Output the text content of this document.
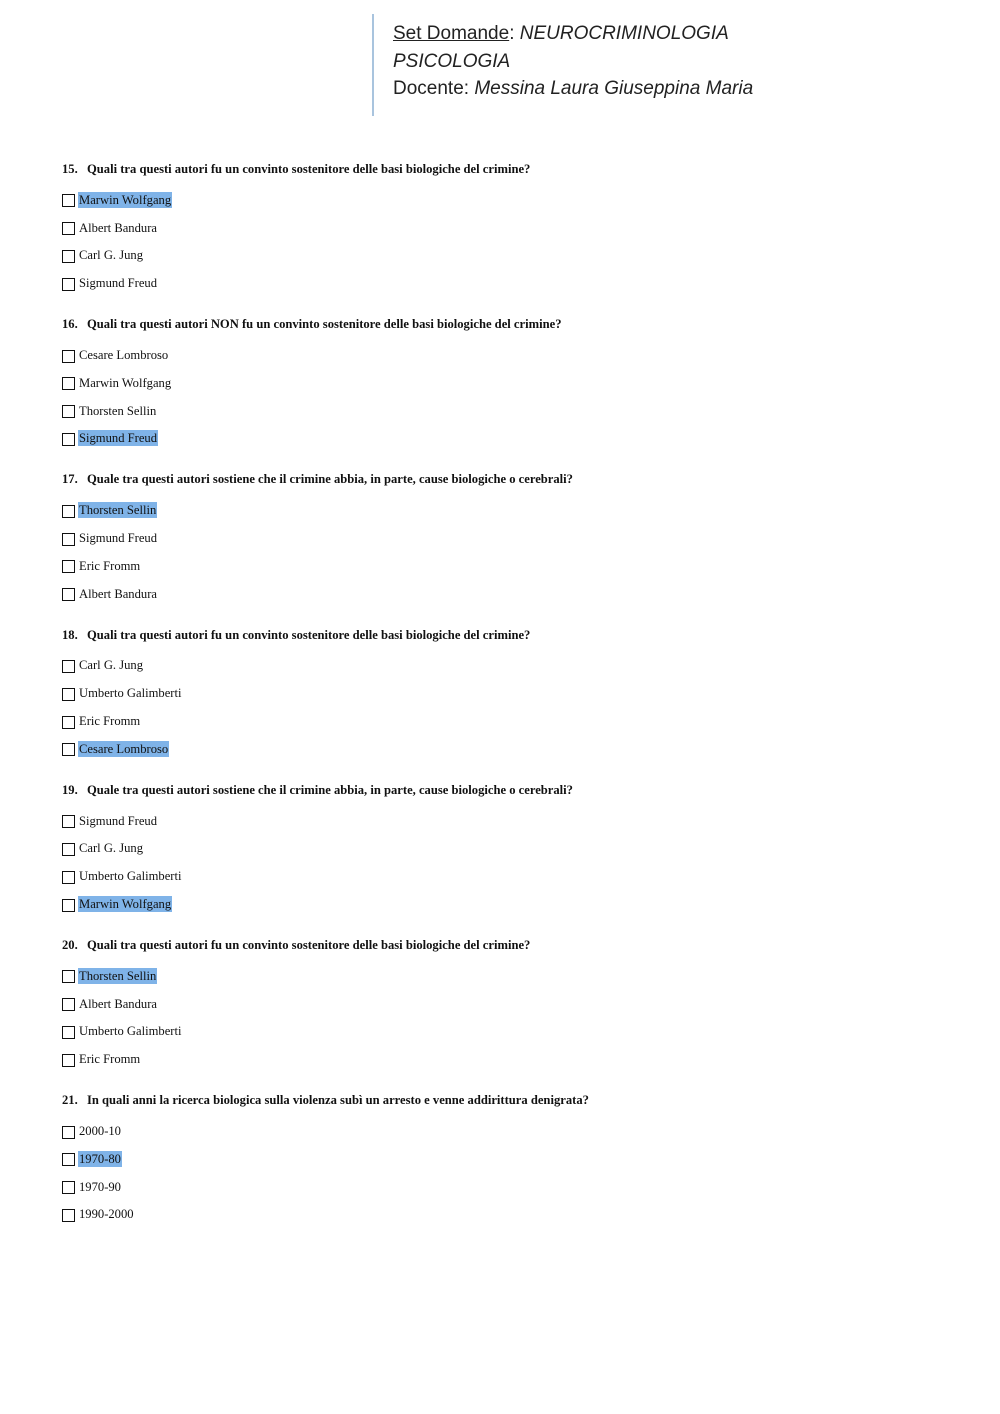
Set Domande: NEUROCRIMINOLOGIA
PSICOLOGIA
Docente: Messina Laura Giuseppina Maria
15. Quali tra questi autori fu un convinto sostenitore delle basi biologiche del crimine?
Marwin Wolfgang
Albert Bandura
Carl G. Jung
Sigmund Freud
16. Quali tra questi autori NON fu un convinto sostenitore delle basi biologiche del crimine?
Cesare Lombroso
Marwin Wolfgang
Thorsten Sellin
Sigmund Freud
17. Quale tra questi autori sostiene che il crimine abbia, in parte, cause biologiche o cerebrali?
Thorsten Sellin
Sigmund Freud
Eric Fromm
Albert Bandura
18. Quali tra questi autori fu un convinto sostenitore delle basi biologiche del crimine?
Carl G. Jung
Umberto Galimberti
Eric Fromm
Cesare Lombroso
19. Quale tra questi autori sostiene che il crimine abbia, in parte, cause biologiche o cerebrali?
Sigmund Freud
Carl G. Jung
Umberto Galimberti
Marwin Wolfgang
20. Quali tra questi autori fu un convinto sostenitore delle basi biologiche del crimine?
Thorsten Sellin
Albert Bandura
Umberto Galimberti
Eric Fromm
21. In quali anni la ricerca biologica sulla violenza subì un arresto e venne addirittura denigrata?
2000-10
1970-80
1970-90
1990-2000
